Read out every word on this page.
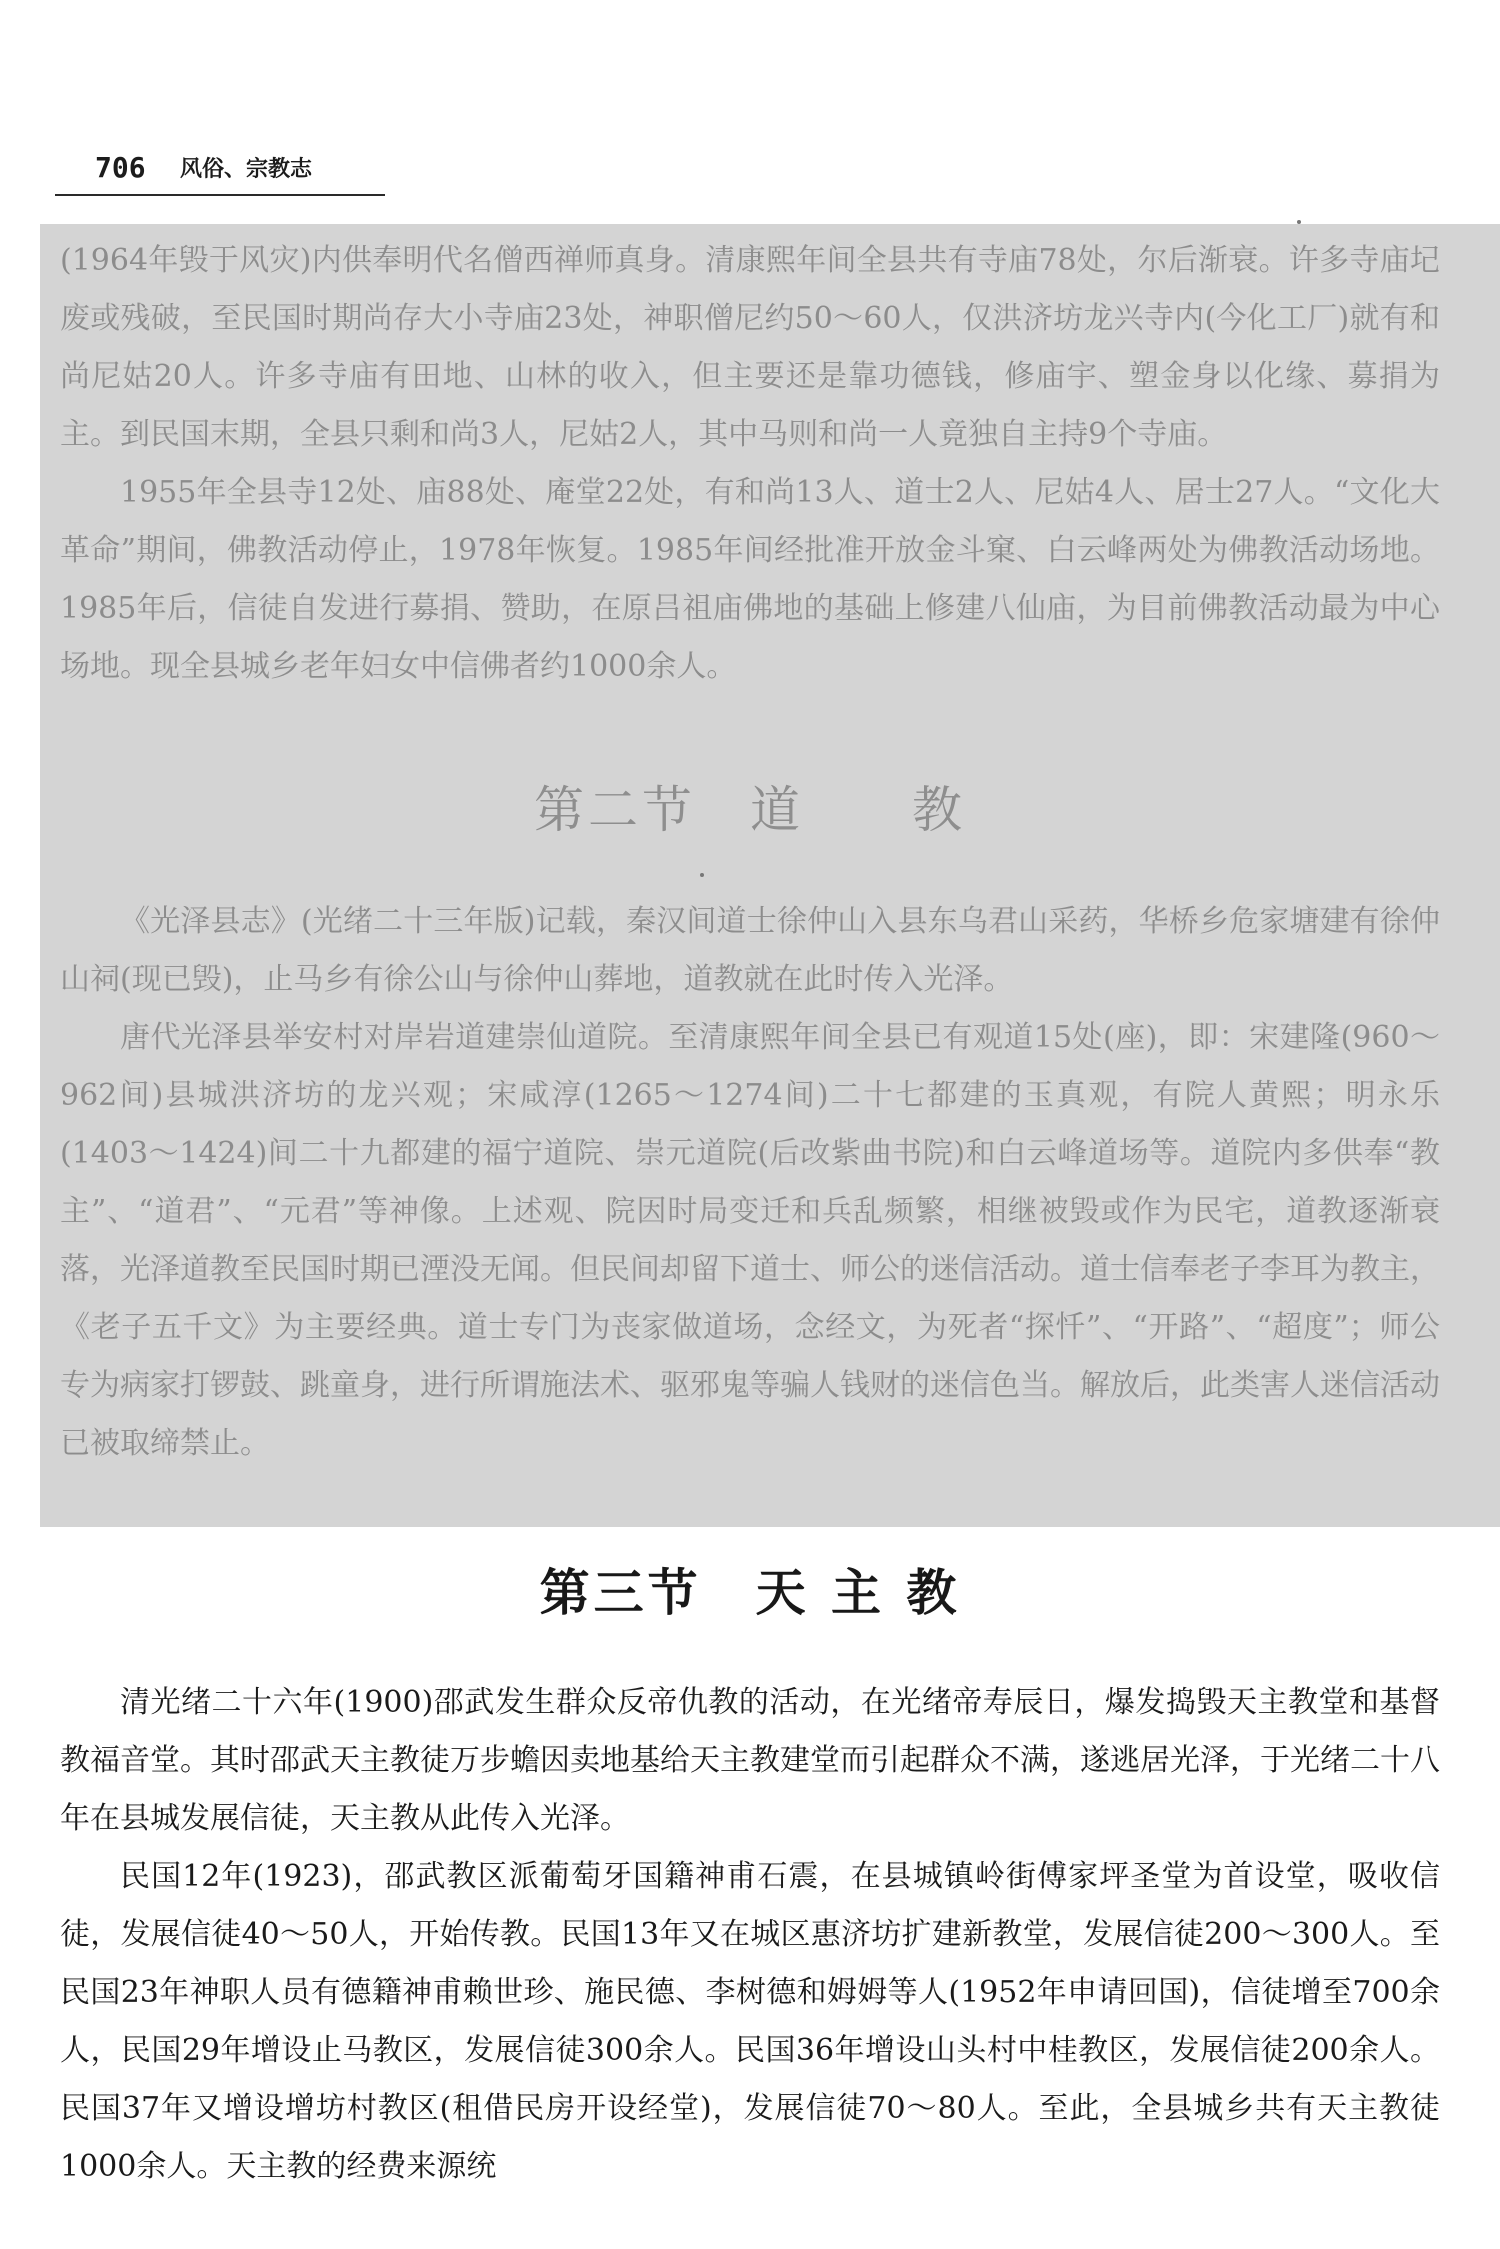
706 风俗、宗教志

(1964年毁于风灾)内供奉明代名僧西禅师真身。清康熙年间全县共有寺庙78处，尔后渐衰。许多寺庙圮废或残破，至民国时期尚存大小寺庙23处，神职僧尼约50～60人，仅洪济坊龙兴寺内(今化工厂)就有和尚尼姑20人。许多寺庙有田地、山林的收入，但主要还是靠功德钱，修庙宇、塑金身以化缘、募捐为主。到民国末期，全县只剩和尚3人，尼姑2人，其中马则和尚一人竟独自主持9个寺庙。

1955年全县寺12处、庙88处、庵堂22处，有和尚13人、道士2人、尼姑4人、居士27人。“文化大革命”期间，佛教活动停止，1978年恢复。1985年间经批准开放金斗窠、白云峰两处为佛教活动场地。1985年后，信徒自发进行募捐、赞助，在原吕祖庙佛地的基础上修建八仙庙，为目前佛教活动最为中心场地。现全县城乡老年妇女中信佛者约1000余人。

第二节　道　　教

《光泽县志》(光绪二十三年版)记载，秦汉间道士徐仲山入县东乌君山采药，华桥乡危家塘建有徐仲山祠(现已毁)，止马乡有徐公山与徐仲山葬地，道教就在此时传入光泽。

唐代光泽县举安村对岸岩道建崇仙道院。至清康熙年间全县已有观道15处(座)，即：宋建隆(960～962间)县城洪济坊的龙兴观；宋咸淳(1265～1274间)二十七都建的玉真观，有院人黄熙；明永乐(1403～1424)间二十九都建的福宁道院、崇元道院(后改紫曲书院)和白云峰道场等。道院内多供奉“教主”、“道君”、“元君”等神像。上述观、院因时局变迁和兵乱频繁，相继被毁或作为民宅，道教逐渐衰落，光泽道教至民国时期已湮没无闻。但民间却留下道士、师公的迷信活动。道士信奉老子李耳为教主，《老子五千文》为主要经典。道士专门为丧家做道场，念经文，为死者“探忏”、“开路”、“超度”；师公专为病家打锣鼓、跳童身，进行所谓施法术、驱邪鬼等骗人钱财的迷信色当。解放后，此类害人迷信活动已被取缔禁止。

第三节　天 主 教

清光绪二十六年(1900)邵武发生群众反帝仇教的活动，在光绪帝寿辰日，爆发捣毁天主教堂和基督教福音堂。其时邵武天主教徒万步蟾因卖地基给天主教建堂而引起群众不满，遂逃居光泽，于光绪二十八年在县城发展信徒，天主教从此传入光泽。

民国12年(1923)，邵武教区派葡萄牙国籍神甫石震，在县城镇岭街傅家坪圣堂为首设堂，吸收信徒，发展信徒40～50人，开始传教。民国13年又在城区惠济坊扩建新教堂，发展信徒200～300人。至民国23年神职人员有德籍神甫赖世珍、施民德、李树德和姆姆等人(1952年申请回国)，信徒增至700余人，民国29年增设止马教区，发展信徒300余人。民国36年增设山头村中桂教区，发展信徒200余人。民国37年又增设增坊村教区(租借民房开设经堂)，发展信徒70～80人。至此，全县城乡共有天主教徒1000余人。天主教的经费来源统
